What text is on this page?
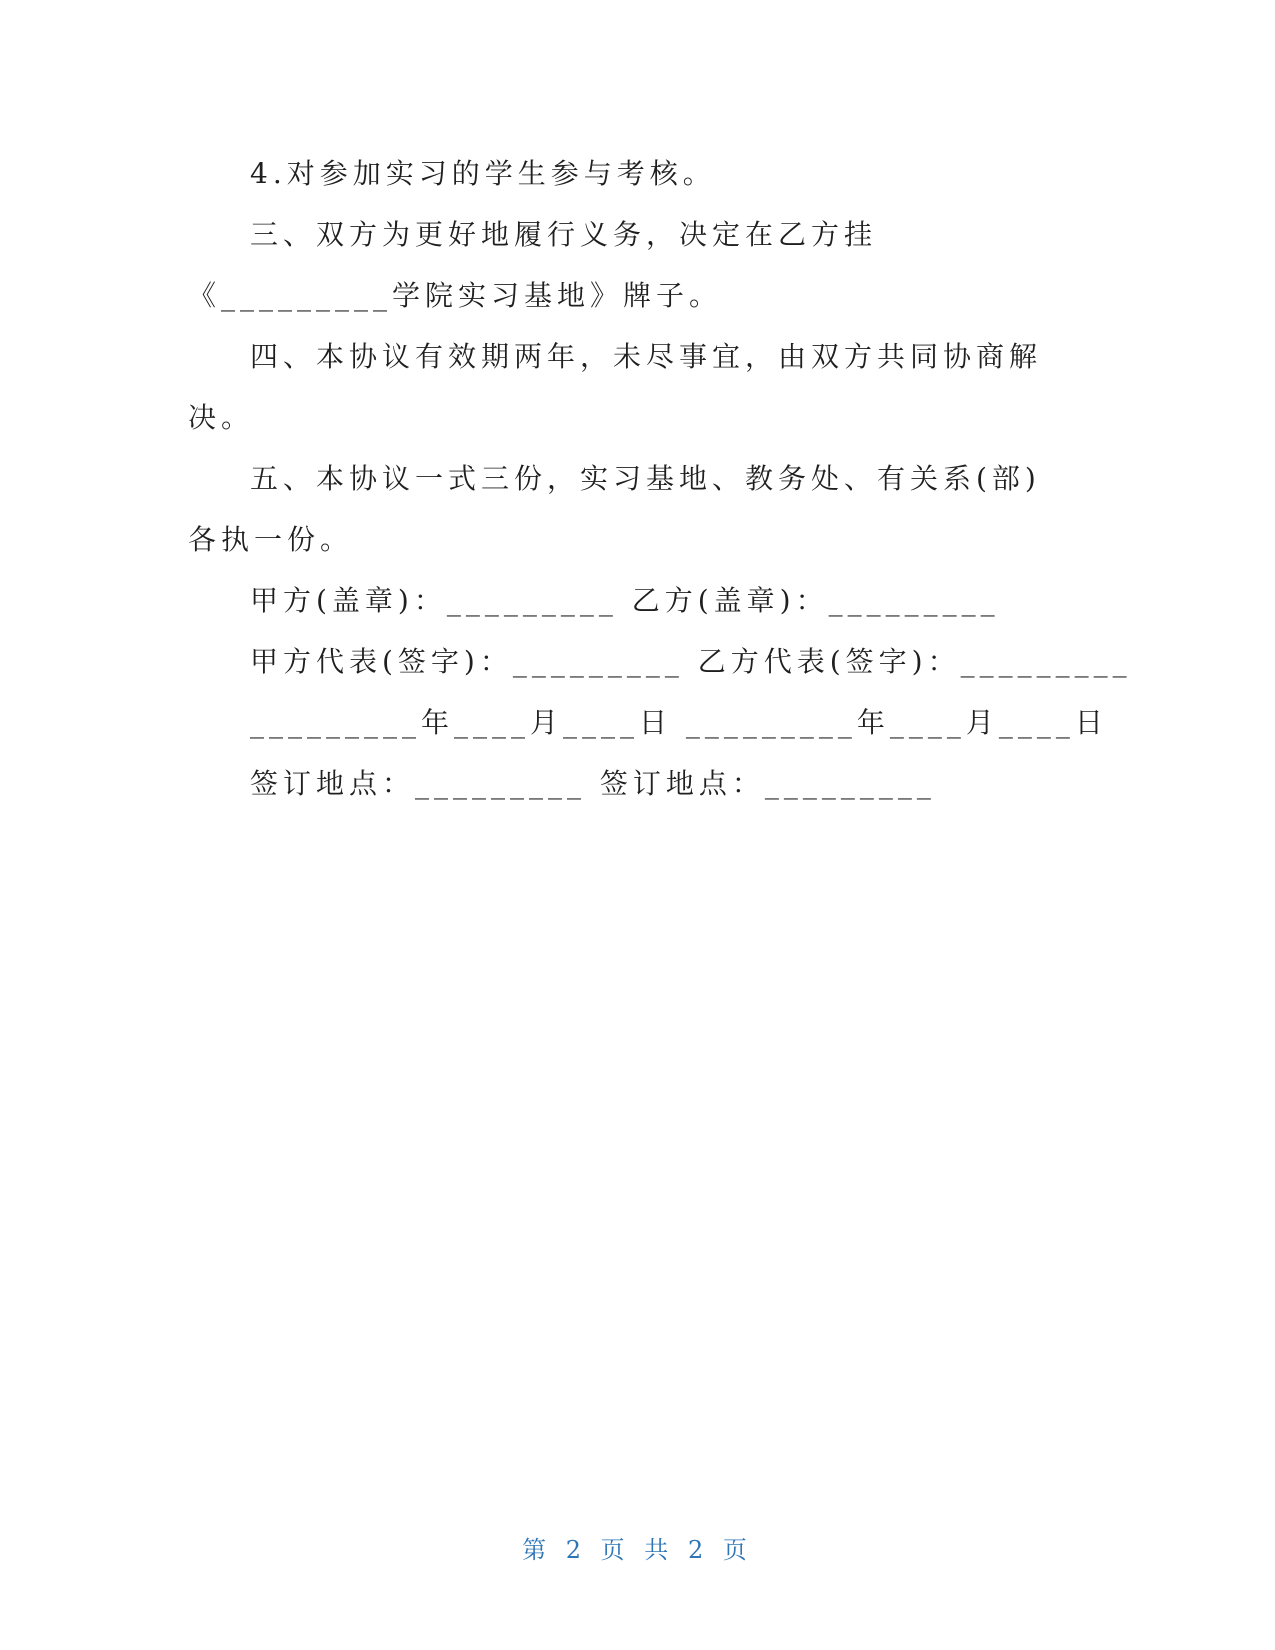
4.对参加实习的学生参与考核。

三、双方为更好地履行义务，决定在乙方挂《_________学院实习基地》牌子。

四、本协议有效期两年，未尽事宜，由双方共同协商解决。

五、本协议一式三份，实习基地、教务处、有关系(部)各执一份。

甲方(盖章)：_________ 乙方(盖章)：_________

甲方代表(签字)：_________ 乙方代表(签字)：_________

_________年____月____日 _________年____月____日

签订地点：_________ 签订地点：_________

第 2 页 共 2 页
